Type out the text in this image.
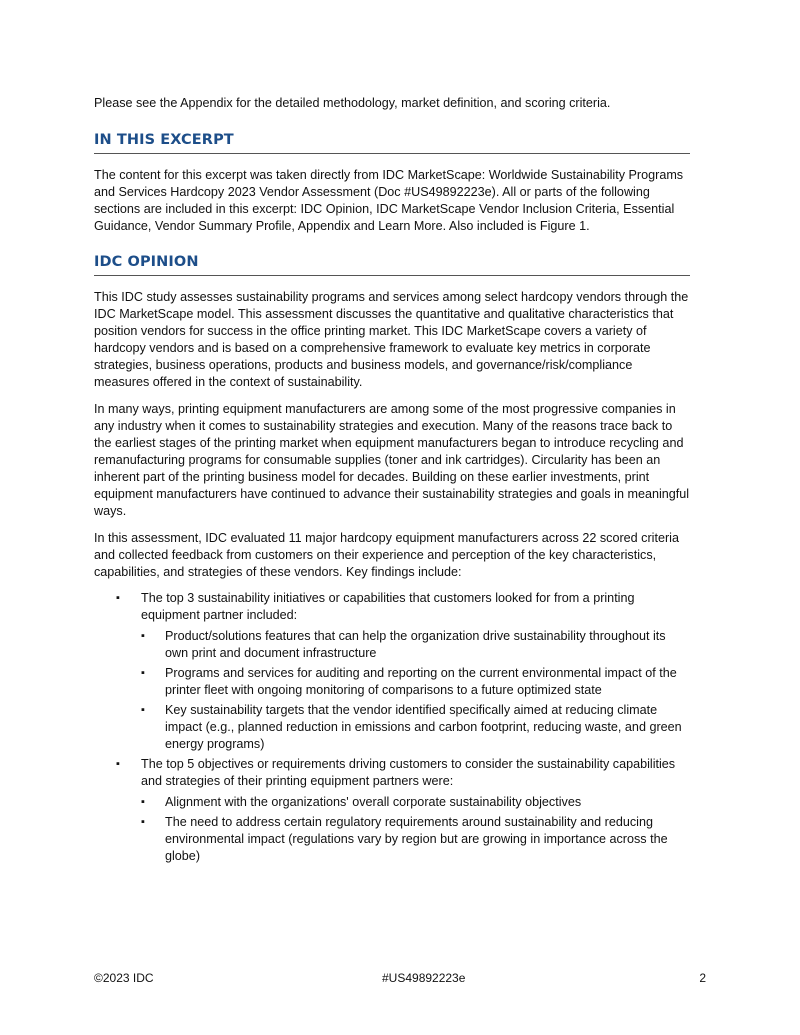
Please see the Appendix for the detailed methodology, market definition, and scoring criteria.

IN THIS EXCERPT

The content for this excerpt was taken directly from IDC MarketScape: Worldwide Sustainability Programs and Services Hardcopy 2023 Vendor Assessment (Doc #US49892223e). All or parts of the following sections are included in this excerpt: IDC Opinion, IDC MarketScape Vendor Inclusion Criteria, Essential Guidance, Vendor Summary Profile, Appendix and Learn More. Also included is Figure 1.

IDC OPINION

This IDC study assesses sustainability programs and services among select hardcopy vendors through the IDC MarketScape model. This assessment discusses the quantitative and qualitative characteristics that position vendors for success in the office printing market. This IDC MarketScape covers a variety of hardcopy vendors and is based on a comprehensive framework to evaluate key metrics in corporate strategies, business operations, products and business models, and governance/risk/compliance measures offered in the context of sustainability.

In many ways, printing equipment manufacturers are among some of the most progressive companies in any industry when it comes to sustainability strategies and execution. Many of the reasons trace back to the earliest stages of the printing market when equipment manufacturers began to introduce recycling and remanufacturing programs for consumable supplies (toner and ink cartridges). Circularity has been an inherent part of the printing business model for decades. Building on these earlier investments, print equipment manufacturers have continued to advance their sustainability strategies and goals in meaningful ways.

In this assessment, IDC evaluated 11 major hardcopy equipment manufacturers across 22 scored criteria and collected feedback from customers on their experience and perception of the key characteristics, capabilities, and strategies of these vendors. Key findings include:

▪ The top 3 sustainability initiatives or capabilities that customers looked for from a printing equipment partner included:
▪ Product/solutions features that can help the organization drive sustainability throughout its own print and document infrastructure
▪ Programs and services for auditing and reporting on the current environmental impact of the printer fleet with ongoing monitoring of comparisons to a future optimized state
▪ Key sustainability targets that the vendor identified specifically aimed at reducing climate impact (e.g., planned reduction in emissions and carbon footprint, reducing waste, and green energy programs)
▪ The top 5 objectives or requirements driving customers to consider the sustainability capabilities and strategies of their printing equipment partners were:
▪ Alignment with the organizations' overall corporate sustainability objectives
▪ The need to address certain regulatory requirements around sustainability and reducing environmental impact (regulations vary by region but are growing in importance across the globe)
©2023 IDC	#US49892223e	2
